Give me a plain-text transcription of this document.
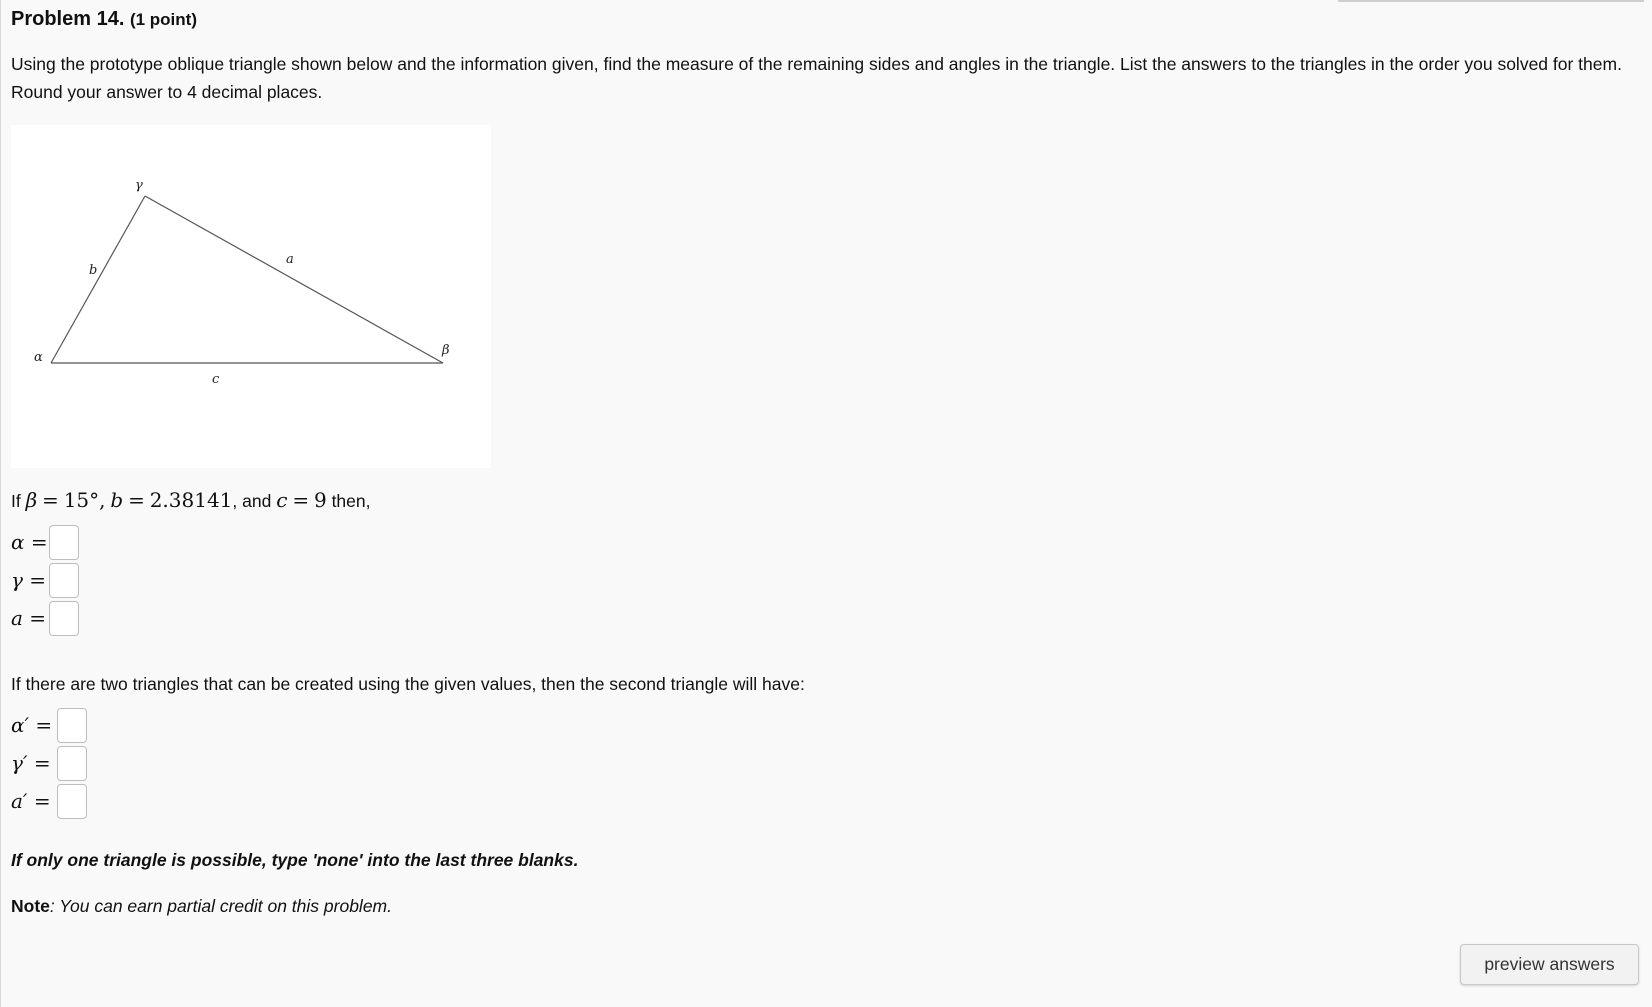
Problem 14. (1 point)
Using the prototype oblique triangle shown below and the information given, find the measure of the remaining sides and angles in the triangle. List the answers to the triangles in the order you solved for them. Round your answer to 4 decimal places.
α
γ
β
a
b
c
If β = 15°, b = 2.38141, and c = 9 then,
α =
γ =
a =
If there are two triangles that can be created using the given values, then the second triangle will have:
α′ =
γ′ =
a′ =
If only one triangle is possible, type 'none' into the last three blanks.
Note: You can earn partial credit on this problem.
preview answers
